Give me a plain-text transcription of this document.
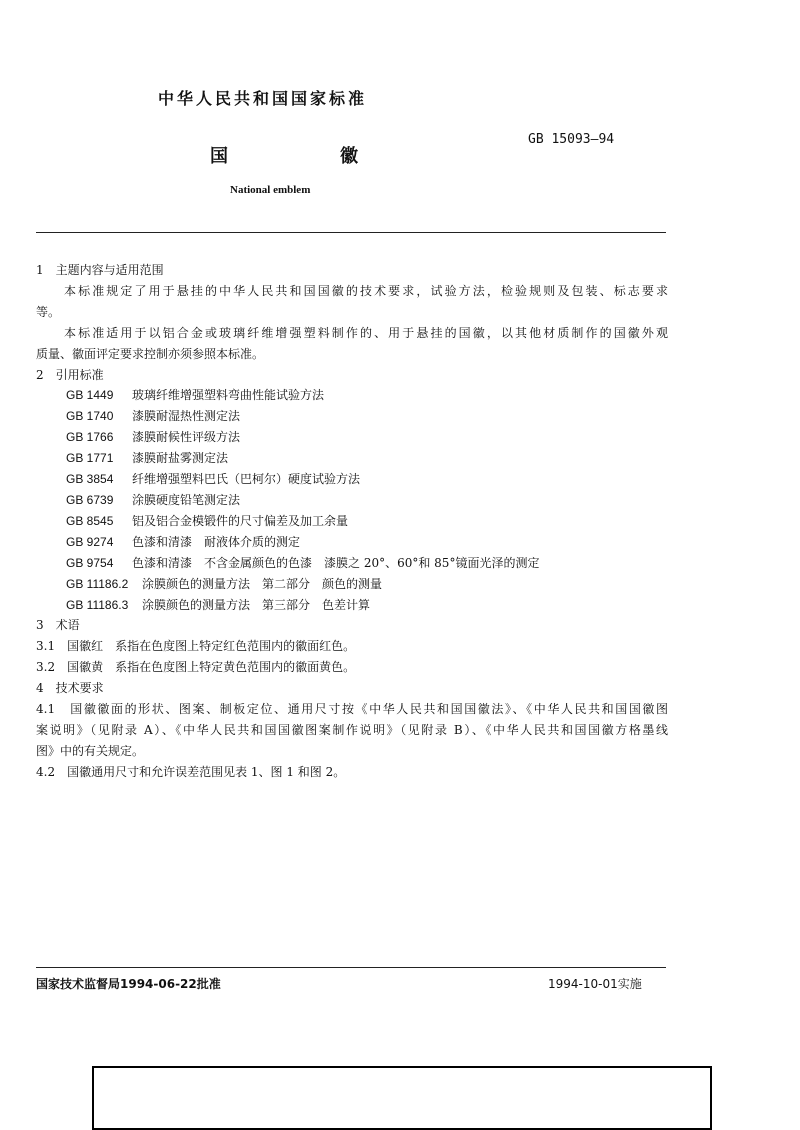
中华人民共和国国家标准
GB 15093—94
国	徽
National emblem
1　主题内容与适用范围
本标准规定了用于悬挂的中华人民共和国国徽的技术要求，试验方法，检验规则及包装、标志要求
等。
本标准适用于以铝合金或玻璃纤维增强塑料制作的、用于悬挂的国徽，以其他材质制作的国徽外观
质量、徽面评定要求控制亦须参照本标准。
2　引用标准
GB 1449	玻璃纤维增强塑料弯曲性能试验方法
GB 1740	漆膜耐湿热性测定法
GB 1766	漆膜耐候性评级方法
GB 1771	漆膜耐盐雾测定法
GB 3854	纤维增强塑料巴氏（巴柯尔）硬度试验方法
GB 6739	涂膜硬度铅笔测定法
GB 8545	铝及铝合金模锻件的尺寸偏差及加工余量
GB 9274	色漆和清漆　耐液体介质的测定
GB 9754	色漆和清漆　不含金属颜色的色漆　漆膜之 20°、60°和 85°镜面光泽的测定
GB 11186.2	涂膜颜色的测量方法　第二部分　颜色的测量
GB 11186.3	涂膜颜色的测量方法　第三部分　色差计算
3　术语
3.1　国徽红　系指在色度图上特定红色范围内的徽面红色。
3.2　国徽黄　系指在色度图上特定黄色范围内的徽面黄色。
4　技术要求
4.1　国徽徽面的形状、图案、制板定位、通用尺寸按《中华人民共和国国徽法》、《中华人民共和国国徽图
案说明》（见附录 A）、《中华人民共和国国徽图案制作说明》（见附录 B）、《中华人民共和国国徽方格墨线
图》中的有关规定。
4.2　国徽通用尺寸和允许误差范围见表 1、图 1 和图 2。
国家技术监督局1994-06-22批准	1994-10-01实施
